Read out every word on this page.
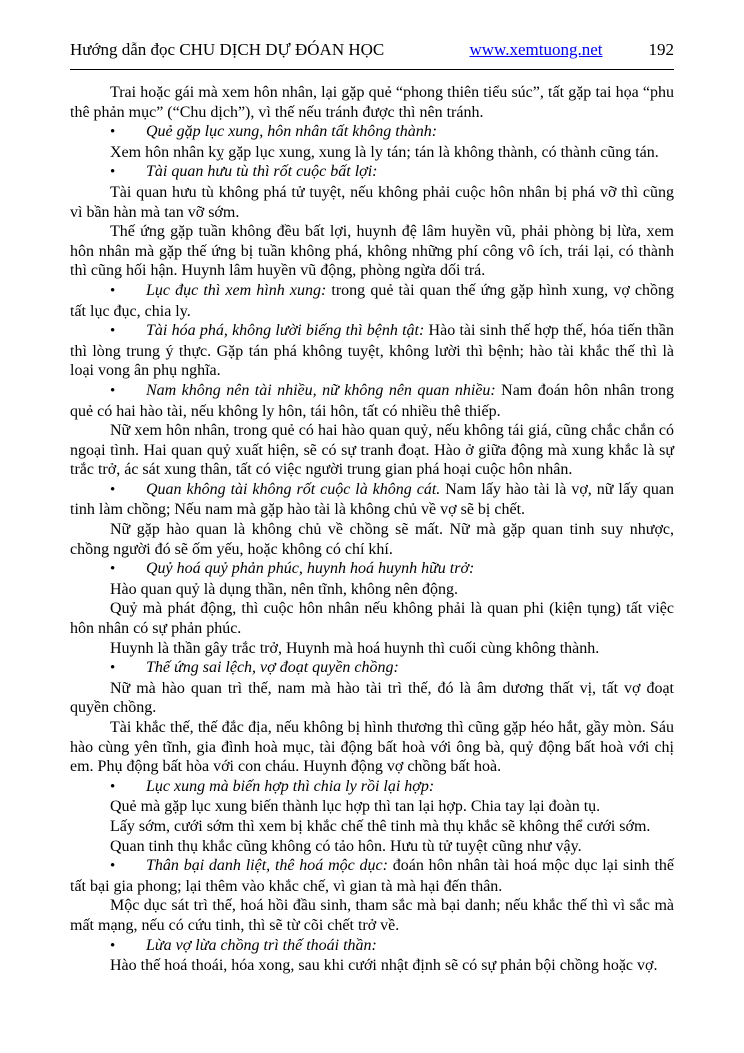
Hướng dẫn đọc CHU DỊCH DỰ ĐÓAN HỌC	www.xemtuong.net	192

Trai hoặc gái mà xem hôn nhân, lại gặp quẻ “phong thiên tiểu súc”, tất gặp tai họa “phu thê phản mục” (“Chu dịch”), vì thế nếu tránh được thì nên tránh.

• Quẻ gặp lục xung, hôn nhân tất không thành:

Xem hôn nhân kỵ gặp lục xung, xung là ly tán; tán là không thành, có thành cũng tán.

• Tài quan hưu tù thì rốt cuộc bất lợi:

Tài quan hưu tù không phá tử tuyệt, nếu không phải cuộc hôn nhân bị phá vỡ thì cũng vì bần hàn mà tan vỡ sớm.

Thế ứng gặp tuần không đều bất lợi, huynh đệ lâm huyền vũ, phải phòng bị lừa, xem hôn nhân mà gặp thế ứng bị tuần không phá, không những phí công vô ích, trái lại, có thành thì cũng hối hận. Huynh lâm huyền vũ động, phòng ngừa dối trá.

• Lục đục thì xem hình xung: trong quẻ tài quan thế ứng gặp hình xung, vợ chồng tất lục đục, chia ly.

• Tài hóa phá, không lười biếng thì bệnh tật: Hào tài sinh thế hợp thế, hóa tiến thần thì lòng trung ý thực. Gặp tán phá không tuyệt, không lười thì bệnh; hào tài khắc thế thì là loại vong ân phụ nghĩa.

• Nam không nên tài nhiều, nữ không nên quan nhiều: Nam đoán hôn nhân trong quẻ có hai hào tài, nếu không ly hôn, tái hôn, tất có nhiều thê thiếp.

Nữ xem hôn nhân, trong quẻ có hai hào quan quỷ, nếu không tái giá, cũng chắc chắn có ngoại tình. Hai quan quỷ xuất hiện, sẽ có sự tranh đoạt. Hào ở giữa động mà xung khắc là sự trắc trở, ác sát xung thân, tất có việc người trung gian phá hoại cuộc hôn nhân.

• Quan không tài không rốt cuộc là không cát. Nam lấy hào tài là vợ, nữ lấy quan tinh làm chồng; Nếu nam mà gặp hào tài là không chủ về vợ sẽ bị chết.

Nữ gặp hào quan là không chủ về chồng sẽ mất. Nữ mà gặp quan tinh suy nhược, chồng người đó sẽ ốm yếu, hoặc không có chí khí.

• Quỷ hoá quỷ phản phúc, huynh hoá huynh hữu trở:

Hào quan quỷ là dụng thần, nên tĩnh, không nên động.

Quỷ mà phát động, thì cuộc hôn nhân nếu không phải là quan phi (kiện tụng) tất việc hôn nhân có sự phản phúc.

Huynh là thần gây trắc trở, Huynh mà hoá huynh thì cuối cùng không thành.

• Thế ứng sai lệch, vợ đoạt quyền chồng:

Nữ mà hào quan trì thế, nam mà hào tài trì thế, đó là âm dương thất vị, tất vợ đoạt quyền chồng.

Tài khắc thế, thế đắc địa, nếu không bị hình thương thì cũng gặp héo hắt, gầy mòn. Sáu hào cùng yên tĩnh, gia đình hoà mục, tài động bất hoà với ông bà, quỷ động bất hoà với chị em. Phụ động bất hòa với con cháu. Huynh động vợ chồng bất hoà.

• Lục xung mà biến hợp thì chia ly rồi lại hợp:

Quẻ mà gặp lục xung biến thành lục hợp thì tan lại hợp. Chia tay lại đoàn tụ.

Lấy sớm, cưới sớm thì xem bị khắc chế thê tinh mà thụ khắc sẽ không thể cưới sớm.

Quan tinh thụ khắc cũng không có tảo hôn. Hưu tù tử tuyệt cũng như vậy.

• Thân bại danh liệt, thê hoá mộc dục: đoán hôn nhân tài hoá mộc dục lại sinh thế tất bại gia phong; lại thêm vào khắc chế, vì gian tà mà hại đến thân.

Mộc dục sát trì thế, hoá hồi đầu sinh, tham sắc mà bại danh; nếu khắc thế thì vì sắc mà mất mạng, nếu có cứu tinh, thì sẽ từ cõi chết trở về.

• Lừa vợ lừa chồng trì thế thoái thần:

Hào thế hoá thoái, hóa xong, sau khi cưới nhật định sẽ có sự phản bội chồng hoặc vợ.
